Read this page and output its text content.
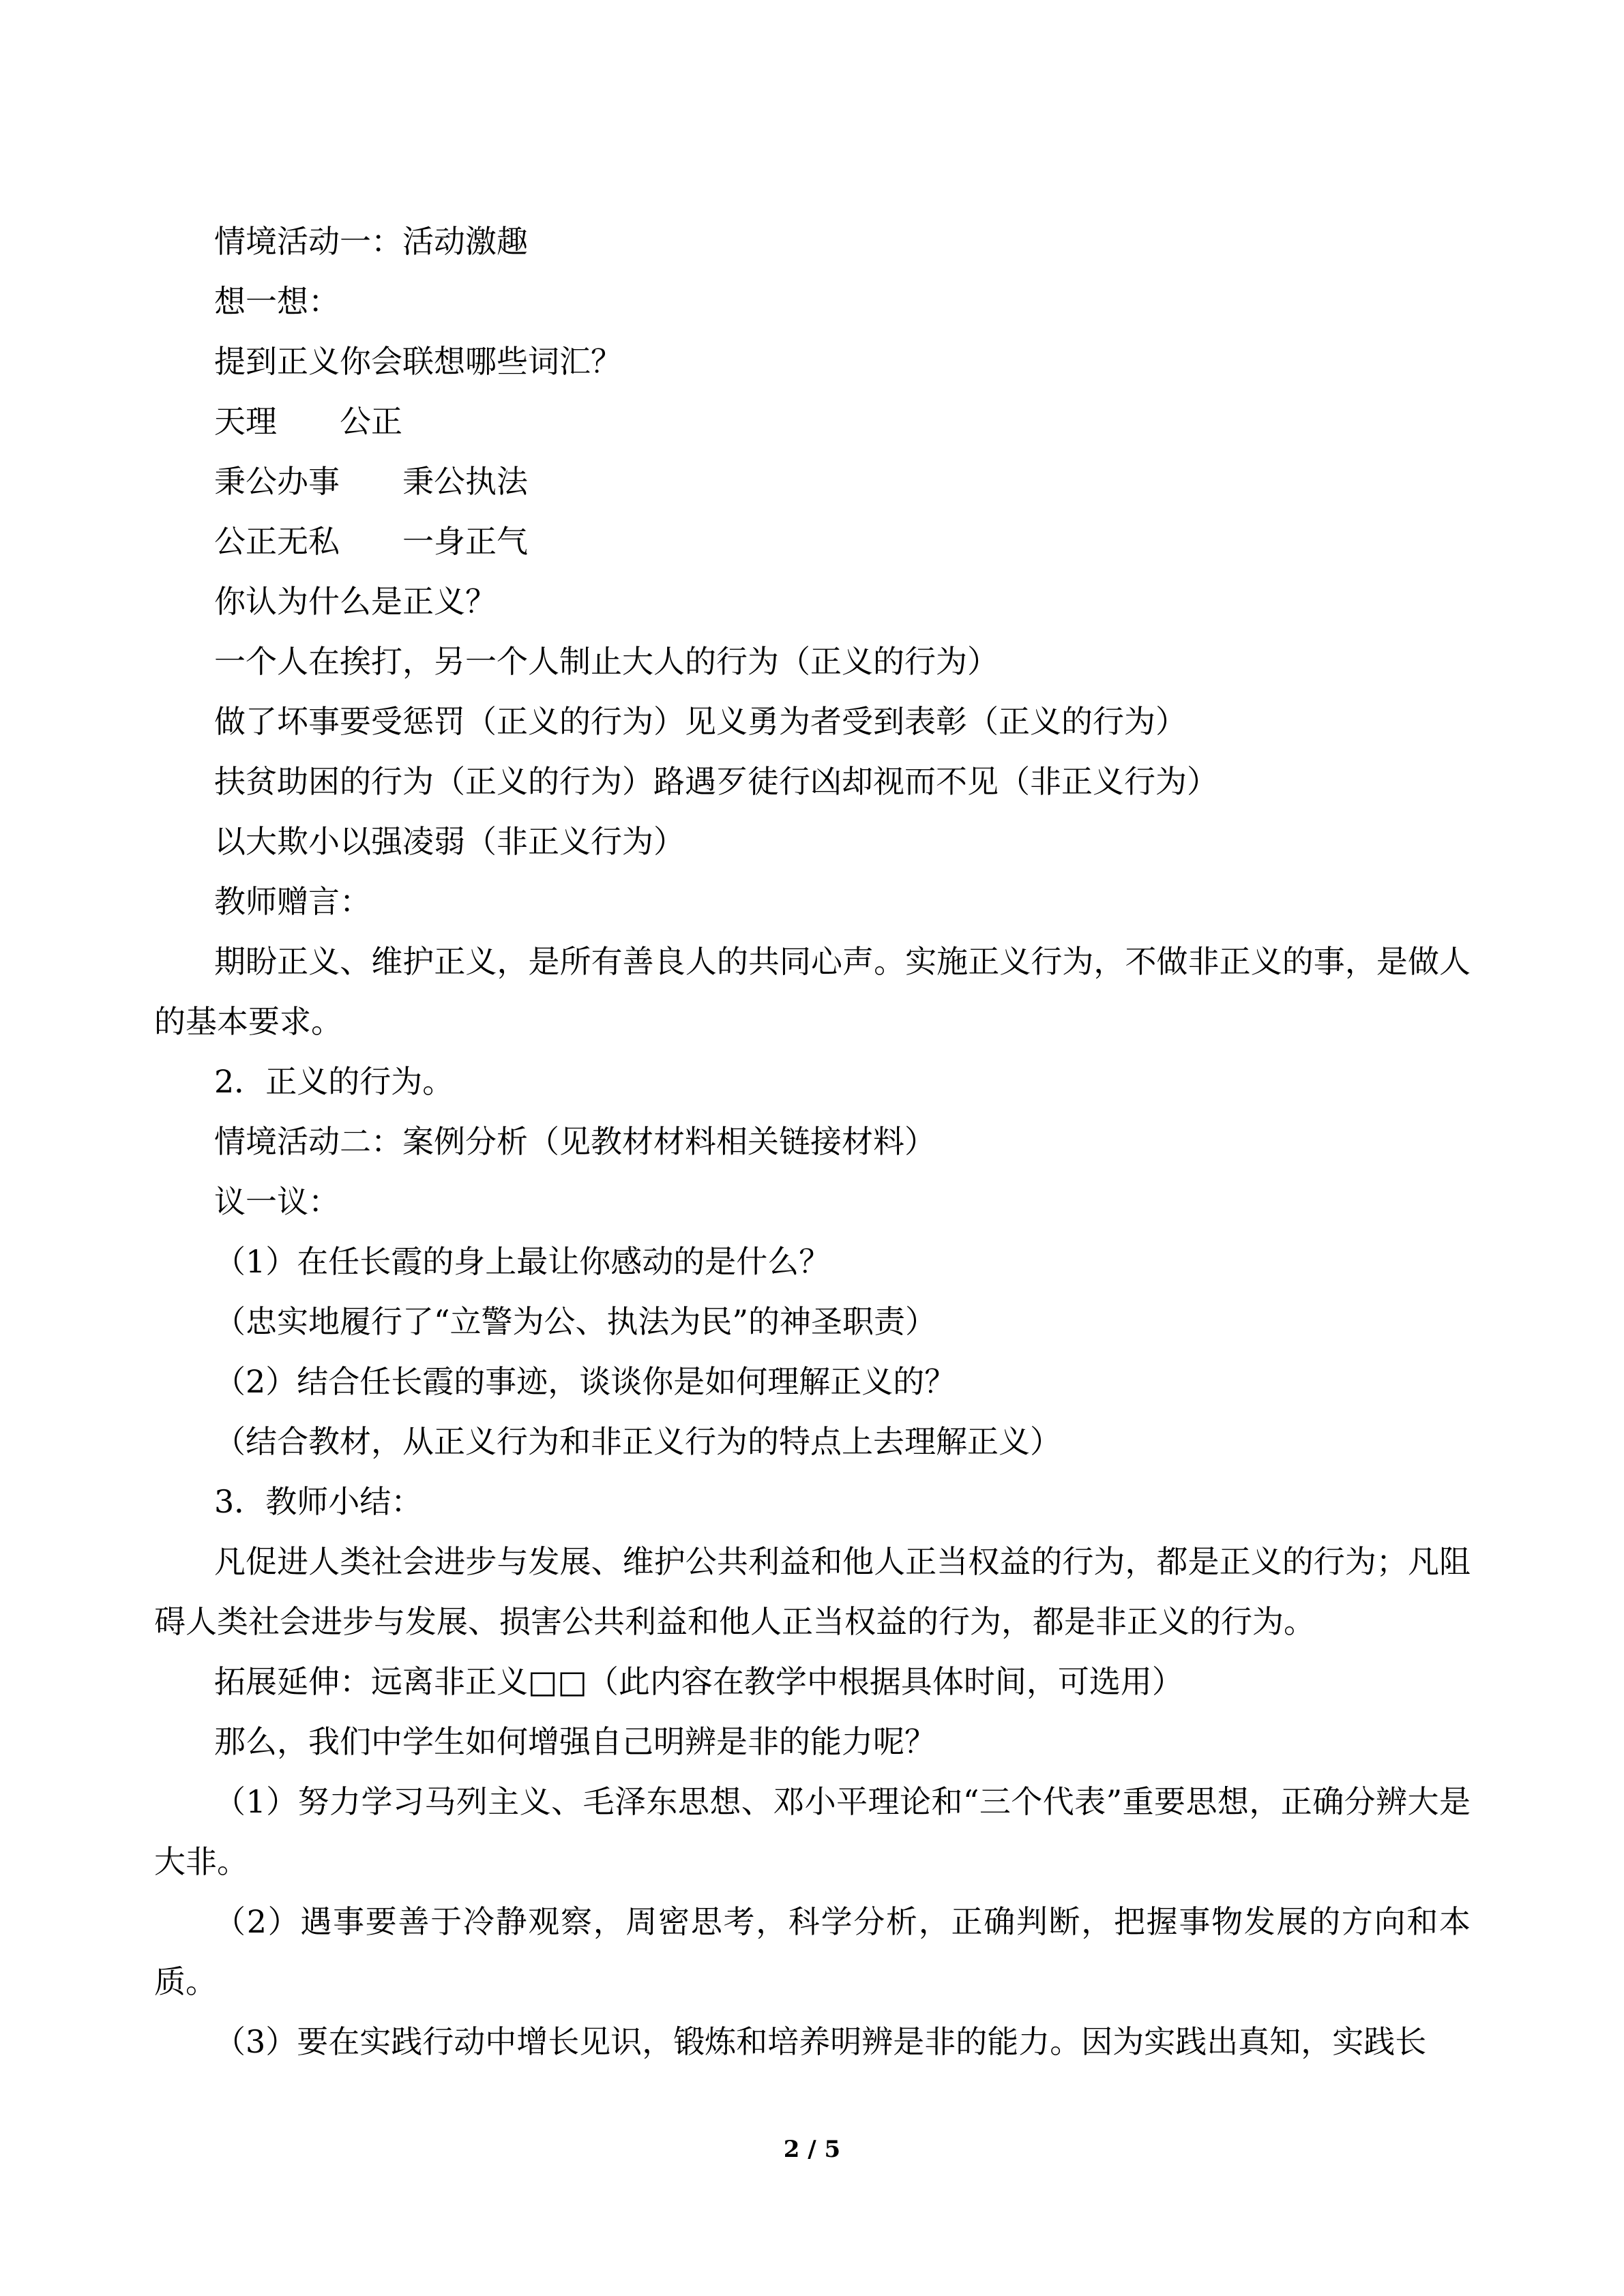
情境活动一：活动激趣

想一想：

提到正义你会联想哪些词汇？

天理　　公正

秉公办事　　秉公执法

公正无私　　一身正气

你认为什么是正义？

一个人在挨打，另一个人制止大人的行为（正义的行为）

做了坏事要受惩罚（正义的行为）见义勇为者受到表彰（正义的行为）

扶贫助困的行为（正义的行为）路遇歹徒行凶却视而不见（非正义行为）

以大欺小以强凌弱（非正义行为）

教师赠言：

期盼正义、维护正义，是所有善良人的共同心声。实施正义行为，不做非正义的事，是做人的基本要求。

2．正义的行为。

情境活动二：案例分析（见教材材料相关链接材料）

议一议：

（1）在任长霞的身上最让你感动的是什么？

（忠实地履行了“立警为公、执法为民”的神圣职责）

（2）结合任长霞的事迹，谈谈你是如何理解正义的？

（结合教材，从正义行为和非正义行为的特点上去理解正义）

3．教师小结：

凡促进人类社会进步与发展、维护公共利益和他人正当权益的行为，都是正义的行为；凡阻碍人类社会进步与发展、损害公共利益和他人正当权益的行为，都是非正义的行为。

拓展延伸：远离非正义□□（此内容在教学中根据具体时间，可选用）

那么，我们中学生如何增强自己明辨是非的能力呢？

（1）努力学习马列主义、毛泽东思想、邓小平理论和“三个代表”重要思想，正确分辨大是大非。

（2）遇事要善于冷静观察，周密思考，科学分析，正确判断，把握事物发展的方向和本质。

（3）要在实践行动中增长见识，锻炼和培养明辨是非的能力。因为实践出真知，实践长

2 / 5
